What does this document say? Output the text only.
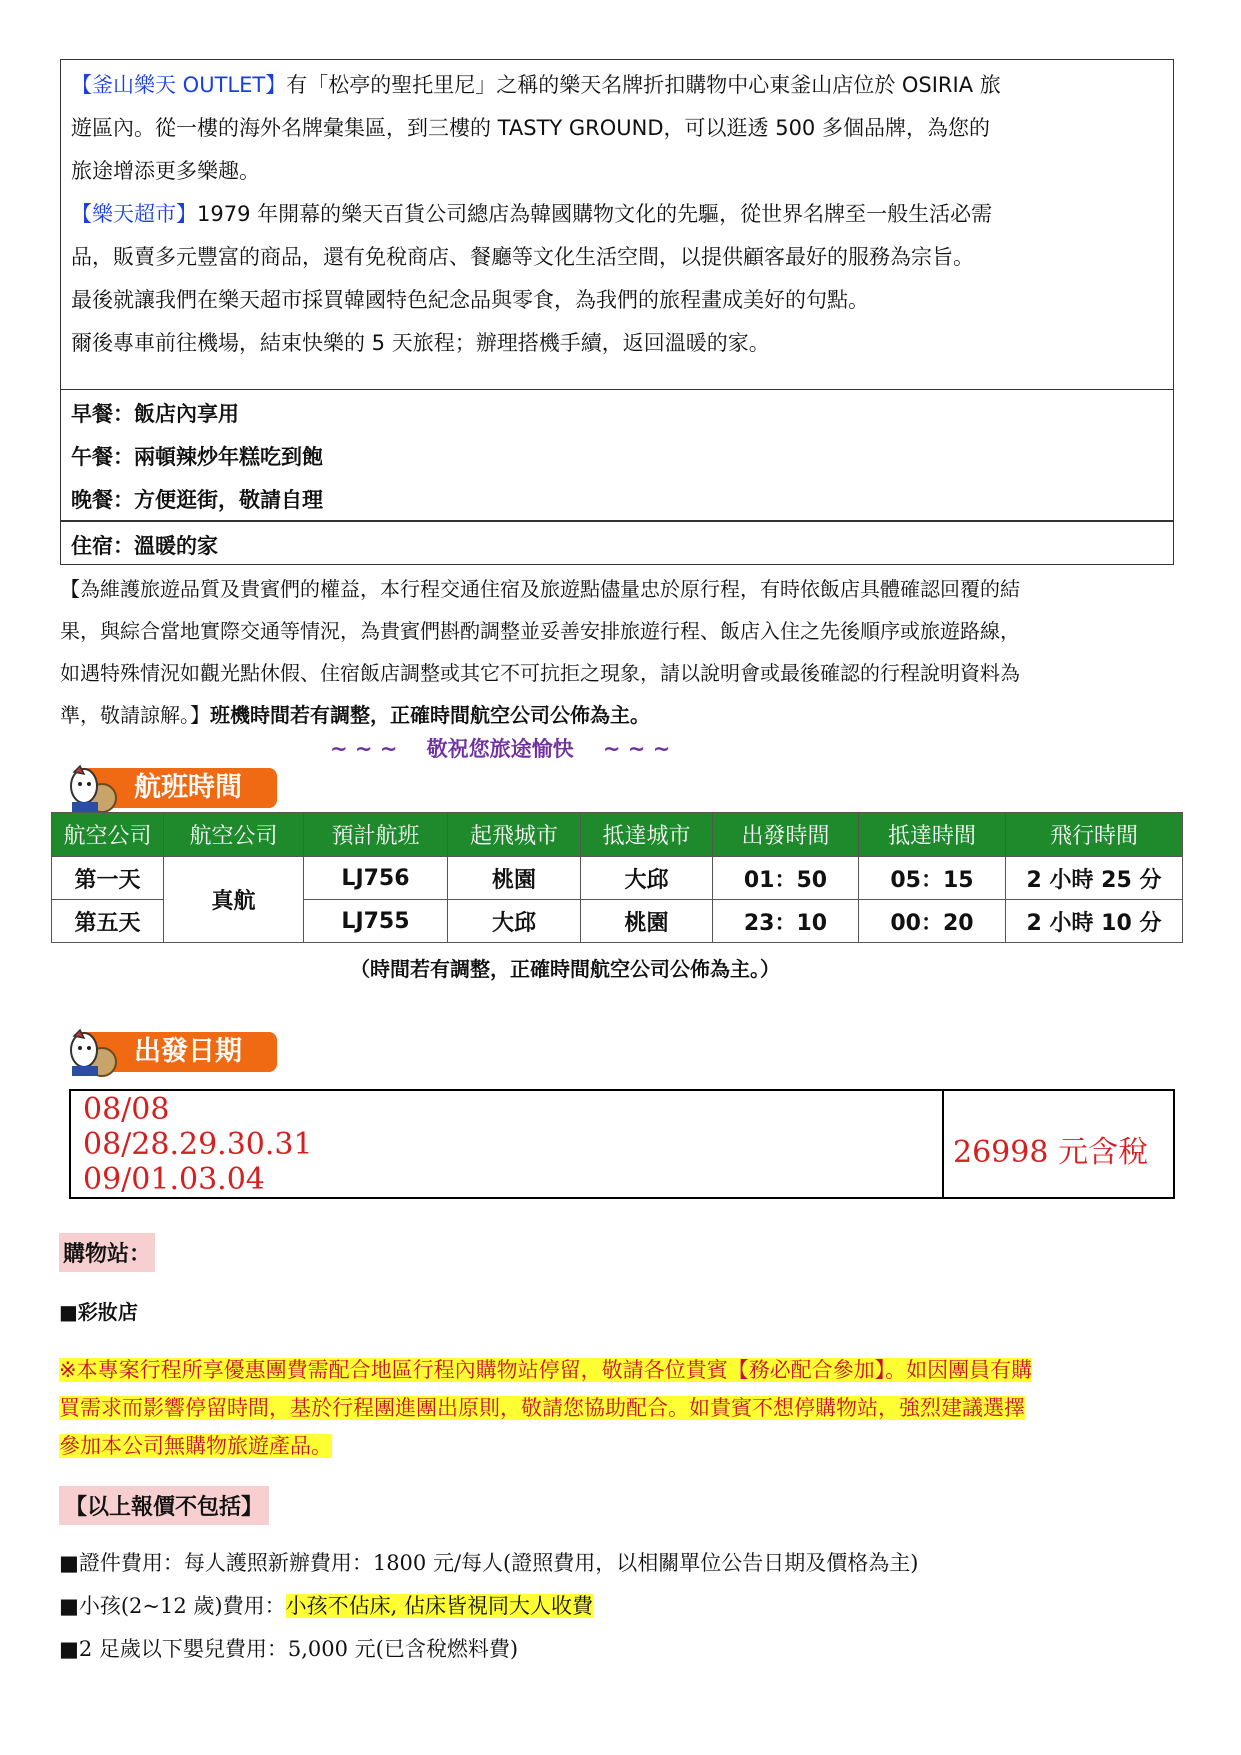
【釜山樂天 OUTLET】有「松亭的聖托里尼」之稱的樂天名牌折扣購物中心東釜山店位於 OSIRIA 旅

遊區內。從一樓的海外名牌彙集區，到三樓的 TASTY GROUND，可以逛透 500 多個品牌，為您的

旅途增添更多樂趣。

【樂天超市】1979 年開幕的樂天百貨公司總店為韓國購物文化的先驅，從世界名牌至一般生活必需

品，販賣多元豐富的商品，還有免稅商店、餐廳等文化生活空間，以提供顧客最好的服務為宗旨。

最後就讓我們在樂天超市採買韓國特色紀念品與零食，為我們的旅程畫成美好的句點。

爾後專車前往機場，結束快樂的 5 天旅程；辦理搭機手續，返回溫暖的家。

早餐：飯店內享用

午餐：兩頓辣炒年糕吃到飽

晚餐：方便逛街，敬請自理

住宿：溫暖的家

【為維護旅遊品質及貴賓們的權益，本行程交通住宿及旅遊點儘量忠於原行程，有時依飯店具體確認回覆的結

果，與綜合當地實際交通等情況，為貴賓們斟酌調整並妥善安排旅遊行程、飯店入住之先後順序或旅遊路線，

如遇特殊情況如觀光點休假、住宿飯店調整或其它不可抗拒之現象，請以說明會或最後確認的行程說明資料為

準，敬請諒解。】班機時間若有調整，正確時間航空公司公佈為主。

~ ~ ~    敬祝您旅途愉快    ~ ~ ~
航班時間
航空公司	航空公司	預計航班	起飛城市	抵達城市	出發時間	抵達時間	飛行時間
第一天	真航	LJ756	桃園	大邱	01：50	05：15	2 小時 25 分
第五天		LJ755	大邱	桃園	23：10	00：20	2 小時 10 分
（時間若有調整，正確時間航空公司公佈為主。）
出發日期
08/08
08/28.29.30.31
09/01.03.04
26998 元含稅
購物站：
■彩妝店

※本專案行程所享優惠團費需配合地區行程內購物站停留，敬請各位貴賓【務必配合參加】。如因團員有購

買需求而影響停留時間，基於行程團進團出原則，敬請您協助配合。如貴賓不想停購物站，強烈建議選擇

參加本公司無購物旅遊產品。

【以上報價不包括】

■證件費用：每人護照新辦費用：1800 元/每人(證照費用，以相關單位公告日期及價格為主)

■小孩(2~12 歲)費用：小孩不佔床, 佔床皆視同大人收費

■2 足歲以下嬰兒費用：5,000 元(已含稅燃料費)
